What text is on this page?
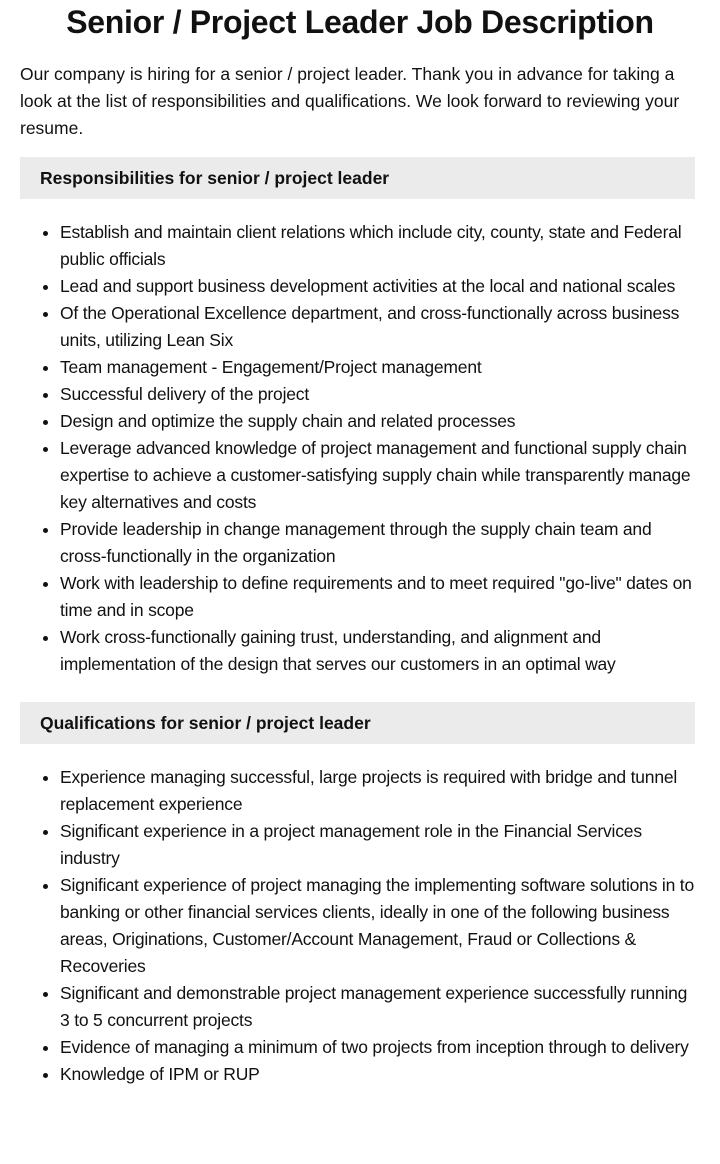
Senior / Project Leader Job Description

Our company is hiring for a senior / project leader. Thank you in advance for taking a look at the list of responsibilities and qualifications. We look forward to reviewing your resume.

Responsibilities for senior / project leader
• Establish and maintain client relations which include city, county, state and Federal public officials
• Lead and support business development activities at the local and national scales
• Of the Operational Excellence department, and cross-functionally across business units, utilizing Lean Six
• Team management - Engagement/Project management
• Successful delivery of the project
• Design and optimize the supply chain and related processes
• Leverage advanced knowledge of project management and functional supply chain expertise to achieve a customer-satisfying supply chain while transparently manage key alternatives and costs
• Provide leadership in change management through the supply chain team and cross-functionally in the organization
• Work with leadership to define requirements and to meet required "go-live" dates on time and in scope
• Work cross-functionally gaining trust, understanding, and alignment and implementation of the design that serves our customers in an optimal way
Qualifications for senior / project leader
• Experience managing successful, large projects is required with bridge and tunnel replacement experience
• Significant experience in a project management role in the Financial Services industry
• Significant experience of project managing the implementing software solutions in to banking or other financial services clients, ideally in one of the following business areas, Originations, Customer/Account Management, Fraud or Collections & Recoveries
• Significant and demonstrable project management experience successfully running 3 to 5 concurrent projects
• Evidence of managing a minimum of two projects from inception through to delivery
• Knowledge of IPM or RUP
